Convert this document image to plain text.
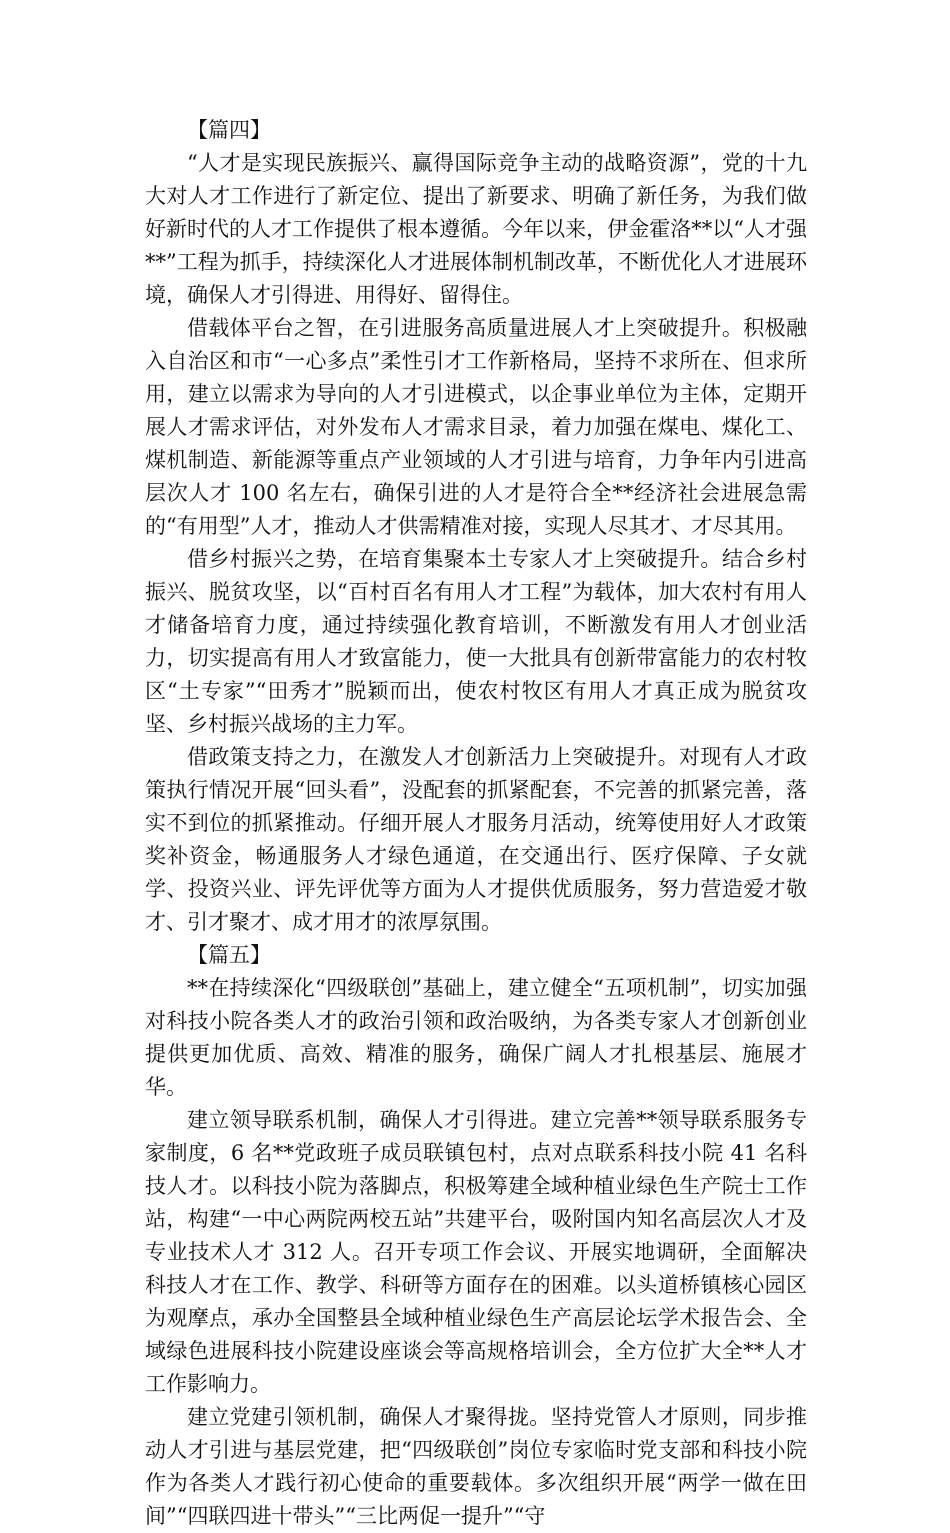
【篇四】

“人才是实现民族振兴、赢得国际竞争主动的战略资源”，党的十九大对人才工作进行了新定位、提出了新要求、明确了新任务，为我们做好新时代的人才工作提供了根本遵循。今年以来，伊金霍洛**以“人才强**”工程为抓手，持续深化人才进展体制机制改革，不断优化人才进展环境，确保人才引得进、用得好、留得住。

借载体平台之智，在引进服务高质量进展人才上突破提升。积极融入自治区和市“一心多点”柔性引才工作新格局，坚持不求所在、但求所用，建立以需求为导向的人才引进模式，以企事业单位为主体，定期开展人才需求评估，对外发布人才需求目录，着力加强在煤电、煤化工、煤机制造、新能源等重点产业领域的人才引进与培育，力争年内引进高层次人才 100 名左右，确保引进的人才是符合全**经济社会进展急需的“有用型”人才，推动人才供需精准对接，实现人尽其才、才尽其用。

借乡村振兴之势，在培育集聚本土专家人才上突破提升。结合乡村振兴、脱贫攻坚，以“百村百名有用人才工程”为载体，加大农村有用人才储备培育力度，通过持续强化教育培训，不断激发有用人才创业活力，切实提高有用人才致富能力，使一大批具有创新带富能力的农村牧区“土专家”“田秀才”脱颖而出，使农村牧区有用人才真正成为脱贫攻坚、乡村振兴战场的主力军。

借政策支持之力，在激发人才创新活力上突破提升。对现有人才政策执行情况开展“回头看”，没配套的抓紧配套，不完善的抓紧完善，落实不到位的抓紧推动。仔细开展人才服务月活动，统筹使用好人才政策奖补资金，畅通服务人才绿色通道，在交通出行、医疗保障、子女就学、投资兴业、评先评优等方面为人才提供优质服务，努力营造爱才敬才、引才聚才、成才用才的浓厚氛围。

【篇五】

**在持续深化“四级联创”基础上，建立健全“五项机制”，切实加强对科技小院各类人才的政治引领和政治吸纳，为各类专家人才创新创业提供更加优质、高效、精准的服务，确保广阔人才扎根基层、施展才华。

建立领导联系机制，确保人才引得进。建立完善**领导联系服务专家制度，6 名**党政班子成员联镇包村，点对点联系科技小院 41 名科技人才。以科技小院为落脚点，积极筹建全域种植业绿色生产院士工作站，构建“一中心两院两校五站”共建平台，吸附国内知名高层次人才及专业技术人才 312 人。召开专项工作会议、开展实地调研，全面解决科技人才在工作、教学、科研等方面存在的困难。以头道桥镇核心园区为观摩点，承办全国整县全域种植业绿色生产高层论坛学术报告会、全域绿色进展科技小院建设座谈会等高规格培训会，全方位扩大全**人才工作影响力。

建立党建引领机制，确保人才聚得拢。坚持党管人才原则，同步推动人才引进与基层党建，把“四级联创”岗位专家临时党支部和科技小院作为各类人才践行初心使命的重要载体。多次组织开展“两学一做在田间”“四联四进十带头”“三比两促一提升”“守
